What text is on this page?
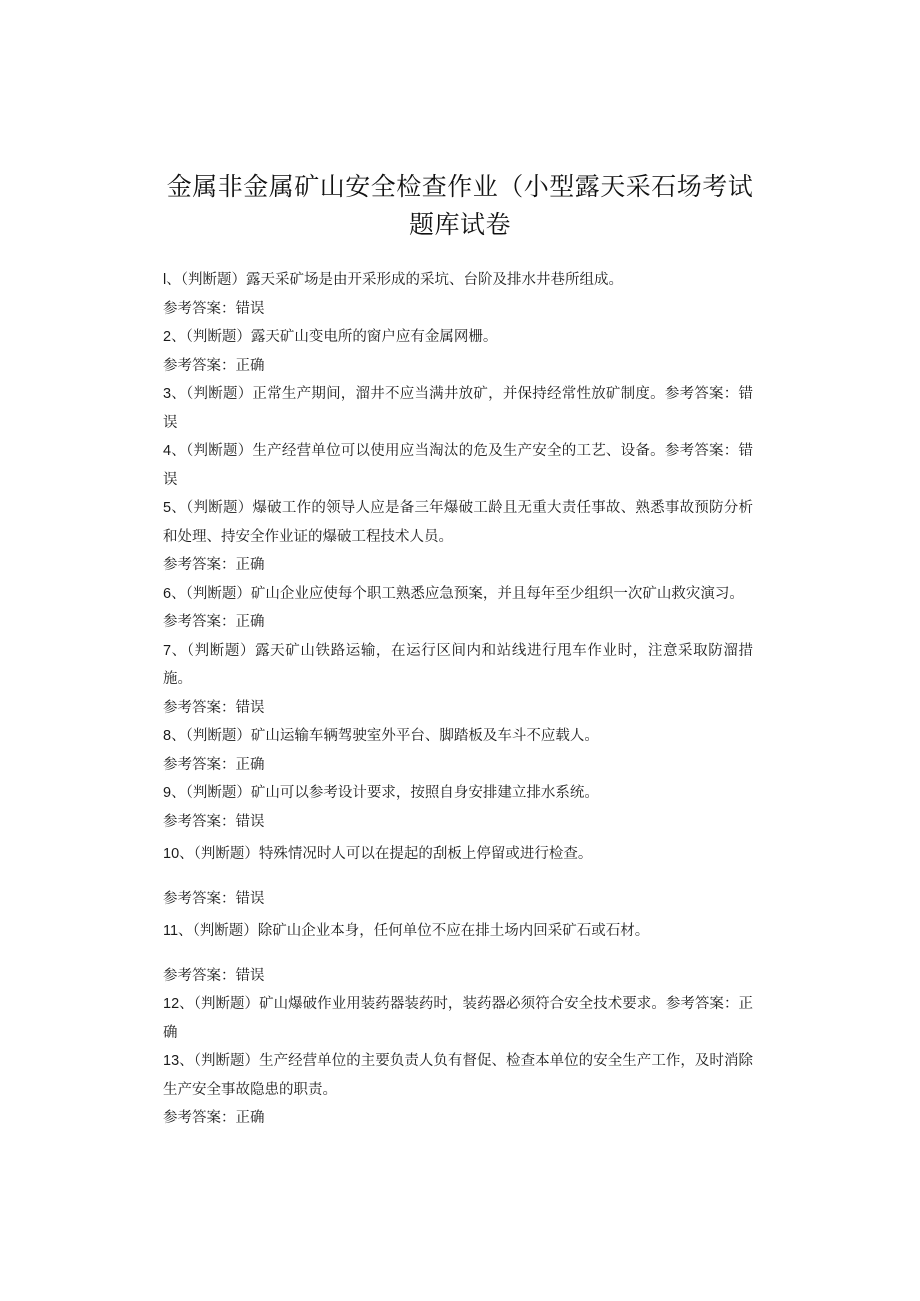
金属非金属矿山安全检查作业（小型露天采石场考试
题库试卷

l、（判断题）露天采矿场是由开采形成的采坑、台阶及排水井巷所组成。

参考答案：错误

2、（判断题）露天矿山变电所的窗户应有金属网栅。

参考答案：正确

3、（判断题）正常生产期间，溜井不应当满井放矿，并保持经常性放矿制度。参考答案：错误

4、（判断题）生产经营单位可以使用应当淘汰的危及生产安全的工艺、设备。参考答案：错误

5、（判断题）爆破工作的领导人应是备三年爆破工龄且无重大责任事故、熟悉事故预防分析和处理、持安全作业证的爆破工程技术人员。

参考答案：正确

6、（判断题）矿山企业应使每个职工熟悉应急预案，并且每年至少组织一次矿山救灾演习。

参考答案：正确

7、（判断题）露天矿山铁路运输，在运行区间内和站线进行甩车作业时，注意采取防溜措施。

参考答案：错误

8、（判断题）矿山运输车辆驾驶室外平台、脚踏板及车斗不应载人。

参考答案：正确

9、（判断题）矿山可以参考设计要求，按照自身安排建立排水系统。

参考答案：错误

10、（判断题）特殊情况时人可以在提起的刮板上停留或进行检查。

参考答案：错误

11、（判断题）除矿山企业本身，任何单位不应在排土场内回采矿石或石材。

参考答案：错误

12、（判断题）矿山爆破作业用装药器装药时，装药器必须符合安全技术要求。参考答案：正确

13、（判断题）生产经营单位的主要负责人负有督促、检查本单位的安全生产工作，及时消除生产安全事故隐患的职责。

参考答案：正确
